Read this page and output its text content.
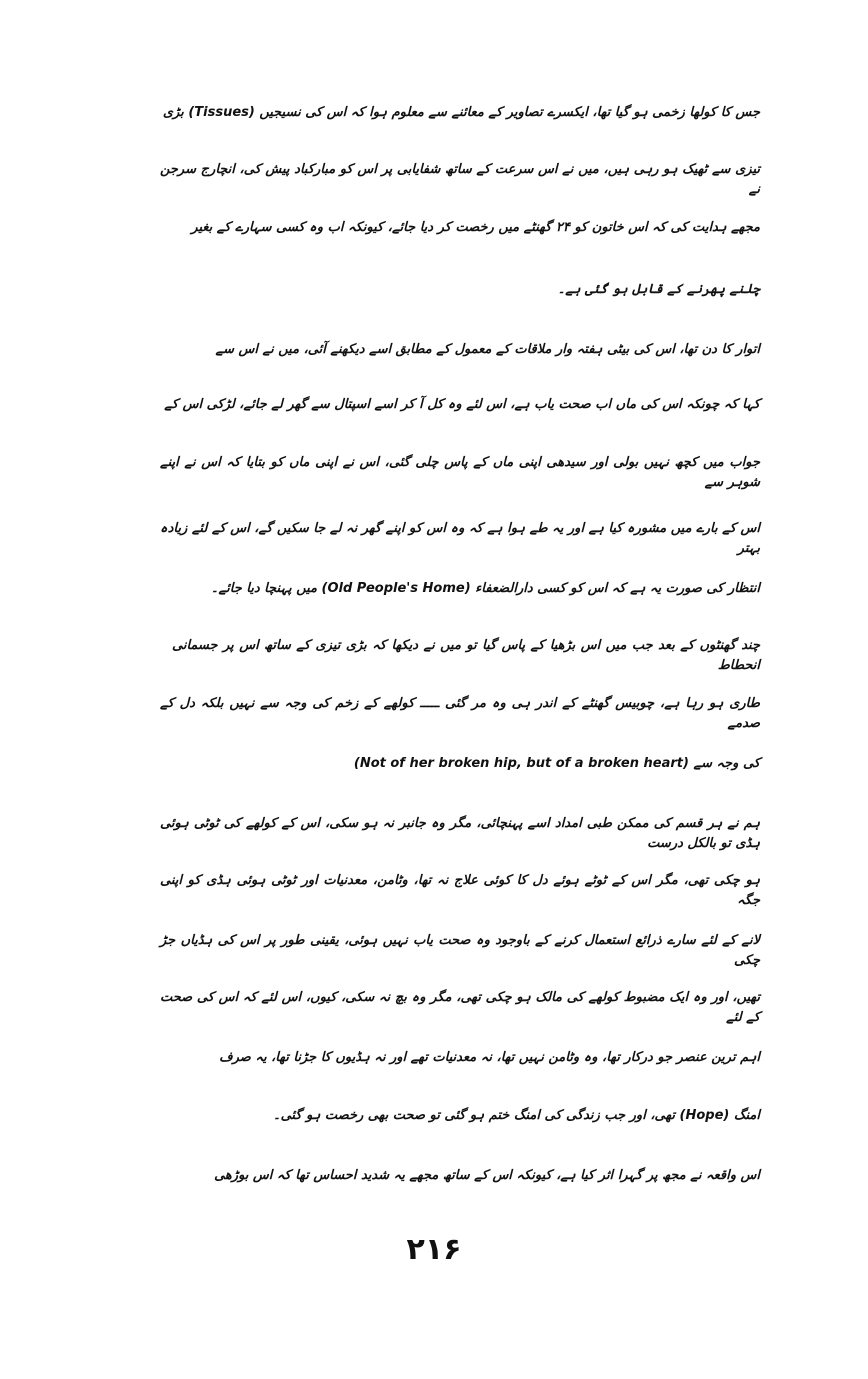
جس کا کولھا زخمی ہو گیا تھا، ایکسرے تصاویر کے معائنے سے معلوم ہوا کہ اس کی نسیجیں (Tissues) بڑی
تیزی سے ٹھیک ہو رہی ہیں، میں نے اس سرعت کے ساتھ شفایابی پر اس کو مبارکباد پیش کی، انچارج سرجن نے
مجھے ہدایت کی کہ اس خاتون کو ۲۴ گھنٹے میں رخصت کر دیا جائے، کیونکہ اب وہ کسی سہارے کے بغیر
چلنے پھرنے کے قابل ہو گئی ہے۔
اتوار کا دن تھا، اس کی بیٹی ہفتہ وار ملاقات کے معمول کے مطابق اسے دیکھنے آئی، میں نے اس سے
کہا کہ چونکہ اس کی ماں اب صحت یاب ہے، اس لئے وہ کل آ کر اسے اسپتال سے گھر لے جائے، لڑکی اس کے
جواب میں کچھ نہیں بولی اور سیدھی اپنی ماں کے پاس چلی گئی، اس نے اپنی ماں کو بتایا کہ اس نے اپنے شوہر سے
اس کے بارے میں مشورہ کیا ہے اور یہ طے ہوا ہے کہ وہ اس کو اپنے گھر نہ لے جا سکیں گے، اس کے لئے زیادہ بہتر
انتظار کی صورت یہ ہے کہ اس کو کسی دارالضعفاء (Old People's Home) میں پہنچا دیا جائے۔
چند گھنٹوں کے بعد جب میں اس بڑھیا کے پاس گیا تو میں نے دیکھا کہ بڑی تیزی کے ساتھ اس پر جسمانی انحطاط
طاری ہو رہا ہے، چوبیس گھنٹے کے اندر ہی وہ مر گئی ـــــ کولھے کے زخم کی وجہ سے نہیں بلکہ دل کے صدمے
کی وجہ سے (Not of her broken hip, but of a broken heart)
ہم نے ہر قسم کی ممکن طبی امداد اسے پہنچائی، مگر وہ جانبر نہ ہو سکی، اس کے کولھے کی ٹوٹی ہوئی ہڈی تو بالکل درست
ہو چکی تھی، مگر اس کے ٹوٹے ہوئے دل کا کوئی علاج نہ تھا، وٹامن، معدنیات اور ٹوٹی ہوئی ہڈی کو اپنی جگہ
لانے کے لئے سارے ذرائع استعمال کرنے کے باوجود وہ صحت یاب نہیں ہوئی، یقینی طور پر اس کی ہڈیاں جڑ چکی
تھیں، اور وہ ایک مضبوط کولھے کی مالک ہو چکی تھی، مگر وہ بچ نہ سکی، کیوں، اس لئے کہ اس کی صحت کے لئے
اہم ترین عنصر جو درکار تھا، وہ وٹامن نہیں تھا، نہ معدنیات تھے اور نہ ہڈیوں کا جڑنا تھا، یہ صرف
امنگ (Hope) تھی، اور جب زندگی کی امنگ ختم ہو گئی تو صحت بھی رخصت ہو گئی۔
اس واقعہ نے مجھ پر گہرا اثر کیا ہے، کیونکہ اس کے ساتھ مجھے یہ شدید احساس تھا کہ اس بوڑھی
۲۱۶
